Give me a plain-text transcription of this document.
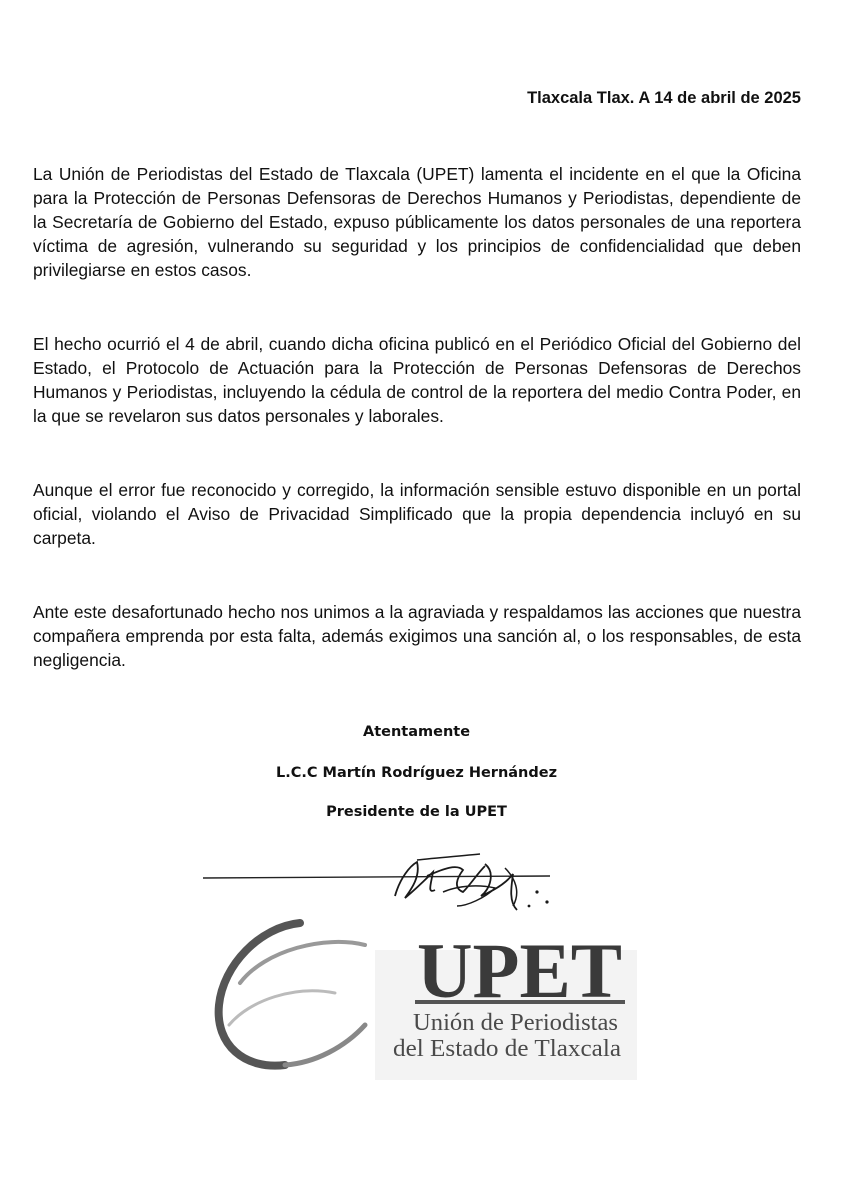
Tlaxcala Tlax. A 14 de abril de 2025

La Unión de Periodistas del Estado de Tlaxcala (UPET) lamenta el incidente en el que la Oficina para la Protección de Personas Defensoras de Derechos Humanos y Periodistas, dependiente de la Secretaría de Gobierno del Estado, expuso públicamente los datos personales de una reportera víctima de agresión, vulnerando su seguridad y los principios de confidencialidad que deben privilegiarse en estos casos.

El hecho ocurrió el 4 de abril, cuando dicha oficina publicó en el Periódico Oficial del Gobierno del Estado, el Protocolo de Actuación para la Protección de Personas Defensoras de Derechos Humanos y Periodistas, incluyendo la cédula de control de la reportera del medio Contra Poder, en la que se revelaron sus datos personales y laborales.

Aunque el error fue reconocido y corregido, la información sensible estuvo disponible en un portal oficial, violando el Aviso de Privacidad Simplificado que la propia dependencia incluyó en su carpeta.

Ante este desafortunado hecho nos unimos a la agraviada y respaldamos las acciones que nuestra compañera emprenda por esta falta, además exigimos una sanción al, o los responsables, de esta negligencia.

Atentamente

L.C.C Martín Rodríguez Hernández

Presidente de la UPET

UPET
Unión de Periodistas
del Estado de Tlaxcala
